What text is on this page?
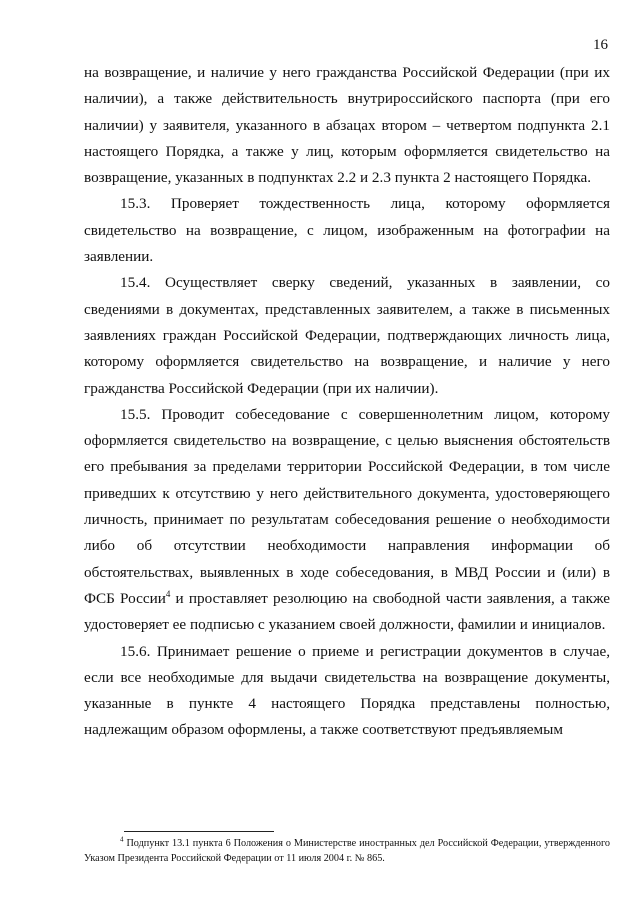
16

на возвращение, и наличие у него гражданства Российской Федерации (при их наличии), а также действительность внутрироссийского паспорта (при его наличии) у заявителя, указанного в абзацах втором – четвертом подпункта 2.1 настоящего Порядка, а также у лиц, которым оформляется свидетельство на возвращение, указанных в подпунктах 2.2 и 2.3 пункта 2 настоящего Порядка.

15.3. Проверяет тождественность лица, которому оформляется свидетельство на возвращение, с лицом, изображенным на фотографии на заявлении.

15.4. Осуществляет сверку сведений, указанных в заявлении, со сведениями в документах, представленных заявителем, а также в письменных заявлениях граждан Российской Федерации, подтверждающих личность лица, которому оформляется свидетельство на возвращение, и наличие у него гражданства Российской Федерации (при их наличии).

15.5. Проводит собеседование с совершеннолетним лицом, которому оформляется свидетельство на возвращение, с целью выяснения обстоятельств его пребывания за пределами территории Российской Федерации, в том числе приведших к отсутствию у него действительного документа, удостоверяющего личность, принимает по результатам собеседования решение о необходимости либо об отсутствии необходимости направления информации об обстоятельствах, выявленных в ходе собеседования, в МВД России и (или) в ФСБ России$^4$ и проставляет резолюцию на свободной части заявления, а также удостоверяет ее подписью с указанием своей должности, фамилии и инициалов.

15.6. Принимает решение о приеме и регистрации документов в случае, если все необходимые для выдачи свидетельства на возвращение документы, указанные в пункте 4 настоящего Порядка представлены полностью, надлежащим образом оформлены, а также соответствуют предъявляемым

$^4$ Подпункт 13.1 пункта 6 Положения о Министерстве иностранных дел Российской Федерации, утвержденного Указом Президента Российской Федерации от 11 июля 2004 г. № 865.
